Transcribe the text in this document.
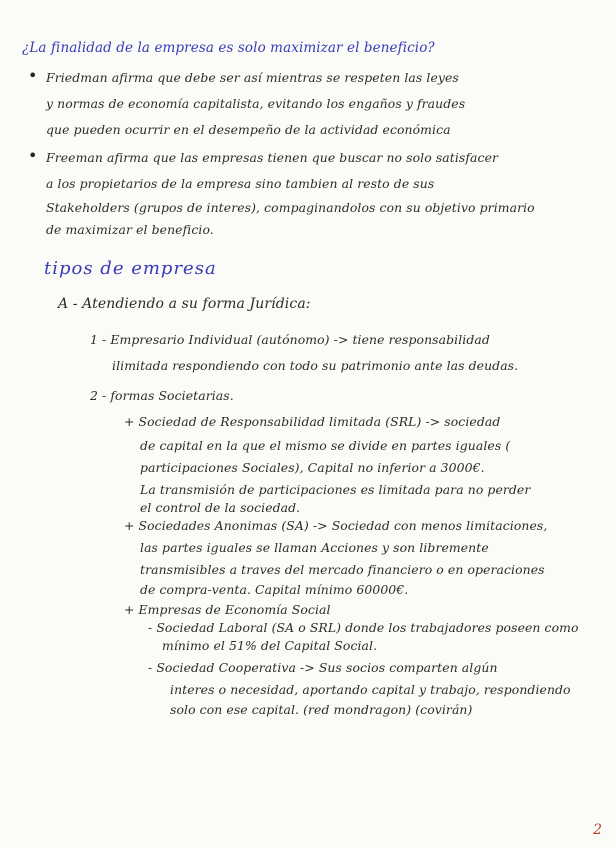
¿La finalidad de la empresa es solo maximizar el beneficio?
• Friedman afirma que debe ser así mientras se respeten las leyes
y normas de economía capitalista, evitando los engaños y fraudes
que pueden ocurrir en el desempeño de la actividad económica
• Freeman afirma que las empresas tienen que buscar no solo satisfacer
a los propietarios de la empresa sino tambien al resto de sus
Stakeholders (grupos de interes), compaginandolos con su objetivo primario
de maximizar el beneficio.
tipos de empresa
A - Atendiendo a su forma Jurídica:
1 - Empresario Individual (autónomo) -> tiene responsabilidad
ilimitada respondiendo con todo su patrimonio ante las deudas.
2 - formas Societarias.
+ Sociedad de Responsabilidad limitada (SRL) -> sociedad
de capital en la que el mismo se divide en partes iguales (
participaciones Sociales), Capital no inferior a 3000€.
La transmisión de participaciones es limitada para no perder
el control de la sociedad.
+ Sociedades Anonimas (SA) -> Sociedad con menos limitaciones,
las partes iguales se llaman Acciones y son libremente
transmisibles a traves del mercado financiero o en operaciones
de compra-venta. Capital mínimo 60000€.
+ Empresas de Economía Social
- Sociedad Laboral (SA o SRL) donde los trabajadores poseen como
mínimo el 51% del Capital Social.
- Sociedad Cooperativa -> Sus socios comparten algún
interes o necesidad, aportando capital y trabajo, respondiendo
solo con ese capital. (red mondragon) (covirán)
2
